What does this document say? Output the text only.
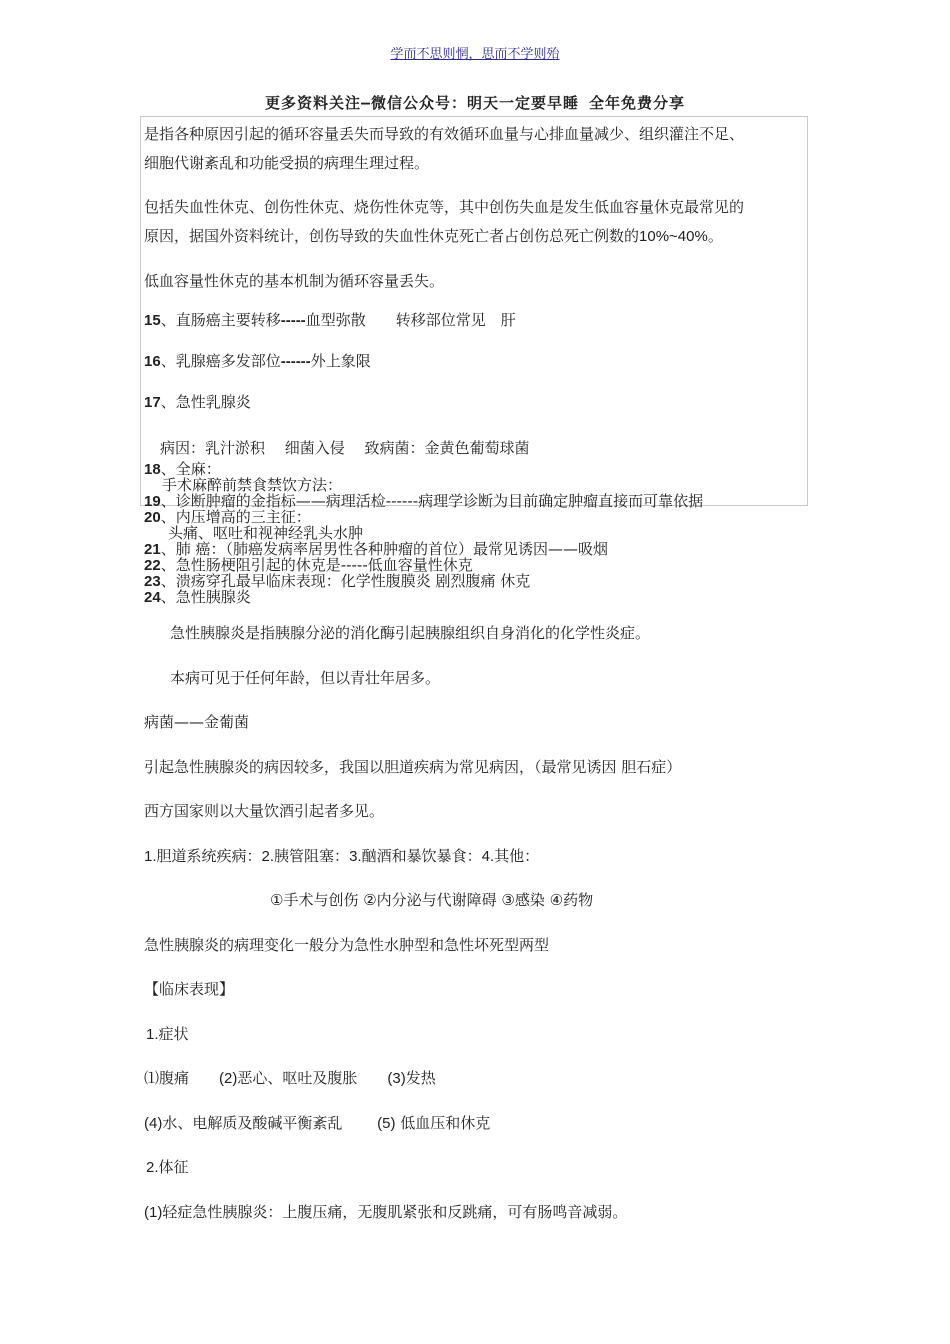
学而不思则惘，思而不学则殆
更多资料关注—微信公众号：明天一定要早睡 全年免费分享
是指各种原因引起的循环容量丢失而导致的有效循环血量与心排血量减少、组织灌注不足、
细胞代谢紊乱和功能受损的病理生理过程。
包括失血性休克、创伤性休克、烧伤性休克等，其中创伤失血是发生低血容量休克最常见的
原因，据国外资料统计，创伤导致的失血性休克死亡者占创伤总死亡例数的10%~40%。
低血容量性休克的基本机制为循环容量丢失。
15、直肠癌主要转移-----血型弥散　　转移部位常见　肝
16、乳腺癌多发部位------外上象限
17、急性乳腺炎
病因：乳汁淤积　 细菌入侵　 致病菌：金黄色葡萄球菌
18、全麻：
手术麻醉前禁食禁饮方法：
19、诊断肿瘤的金指标——病理活检------病理学诊断为目前确定肿瘤直接而可靠依据
20、内压增高的三主征：
头痛、呕吐和视神经乳头水肿
21、肺 癌：（肺癌发病率居男性各种肿瘤的首位）最常见诱因——吸烟
22、急性肠梗阻引起的休克是-----低血容量性休克
23、溃疡穿孔最早临床表现：化学性腹膜炎 剧烈腹痛 休克
24、急性胰腺炎
急性胰腺炎是指胰腺分泌的消化酶引起胰腺组织自身消化的化学性炎症。
本病可见于任何年龄，但以青壮年居多。
病菌——金葡菌
引起急性胰腺炎的病因较多，我国以胆道疾病为常见病因，（最常见诱因 胆石症）
西方国家则以大量饮酒引起者多见。
1.胆道系统疾病：2.胰管阻塞：3.酗酒和暴饮暴食：4.其他：
①手术与创伤 ②内分泌与代谢障碍 ③感染 ④药物
急性胰腺炎的病理变化一般分为急性水肿型和急性坏死型两型
【临床表现】
1.症状
⑴腹痛　　(2)恶心、呕吐及腹胀　　(3)发热
(4)水、电解质及酸碱平衡紊乱　　 (5) 低血压和休克
2.体征
(1)轻症急性胰腺炎：上腹压痛，无腹肌紧张和反跳痛，可有肠鸣音减弱。
